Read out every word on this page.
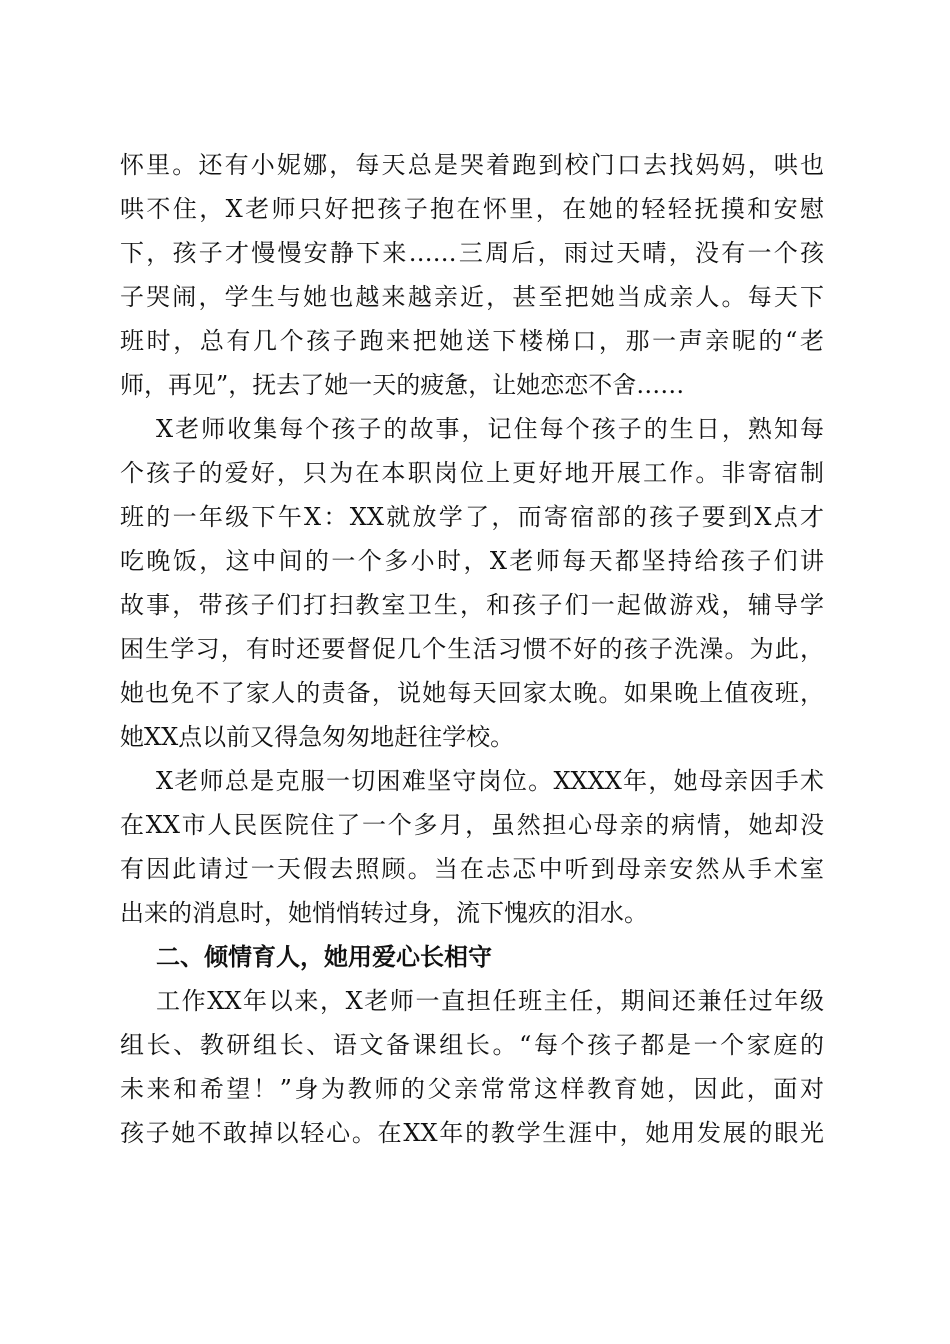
怀里。还有小妮娜，每天总是哭着跑到校门口去找妈妈，哄也

哄不住，X老师只好把孩子抱在怀里，在她的轻轻抚摸和安慰

下，孩子才慢慢安静下来……三周后，雨过天晴，没有一个孩

子哭闹，学生与她也越来越亲近，甚至把她当成亲人。每天下

班时，总有几个孩子跑来把她送下楼梯口，那一声亲昵的“老

师，再见”，抚去了她一天的疲惫，让她恋恋不舍……

X老师收集每个孩子的故事，记住每个孩子的生日，熟知每

个孩子的爱好，只为在本职岗位上更好地开展工作。非寄宿制

班的一年级下午X：XX就放学了，而寄宿部的孩子要到X点才

吃晚饭，这中间的一个多小时，X老师每天都坚持给孩子们讲

故事，带孩子们打扫教室卫生，和孩子们一起做游戏，辅导学

困生学习，有时还要督促几个生活习惯不好的孩子洗澡。为此，

她也免不了家人的责备，说她每天回家太晚。如果晚上值夜班，

她XX点以前又得急匆匆地赶往学校。

X老师总是克服一切困难坚守岗位。XXXX年，她母亲因手术

在XX市人民医院住了一个多月，虽然担心母亲的病情，她却没

有因此请过一天假去照顾。当在忐忑中听到母亲安然从手术室

出来的消息时，她悄悄转过身，流下愧疚的泪水。

二、倾情育人，她用爱心长相守

工作XX年以来，X老师一直担任班主任，期间还兼任过年级

组长、教研组长、语文备课组长。“每个孩子都是一个家庭的

未来和希望！”身为教师的父亲常常这样教育她，因此，面对

孩子她不敢掉以轻心。在XX年的教学生涯中，她用发展的眼光
